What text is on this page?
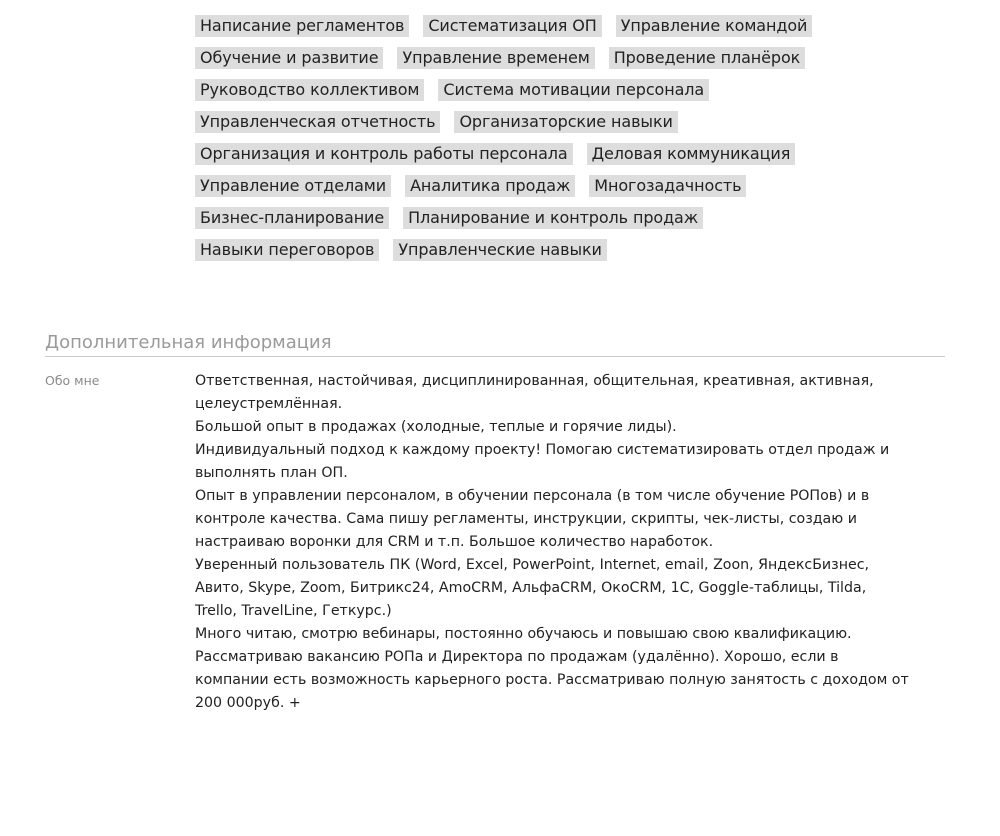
Написание регламентов	Систематизация ОП	Управление командой
Обучение и развитие	Управление временем	Проведение планёрок
Руководство коллективом	Система мотивации персонала
Управленческая отчетность	Организаторские навыки
Организация и контроль работы персонала	Деловая коммуникация
Управление отделами	Аналитика продаж	Многозадачность
Бизнес-планирование	Планирование и контроль продаж
Навыки переговоров	Управленческие навыки
Дополнительная информация
Обо мне	Ответственная, настойчивая, дисциплинированная, общительная, креативная, активная,
целеустремлённая.
Большой опыт в продажах (холодные, теплые и горячие лиды).
Индивидуальный подход к каждому проекту! Помогаю систематизировать отдел продаж и
выполнять план ОП.
Опыт в управлении персоналом, в обучении персонала (в том числе обучение РОПов) и в
контроле качества. Сама пишу регламенты, инструкции, скрипты, чек-листы, создаю и
настраиваю воронки для CRM и т.п. Большое количество наработок.
Уверенный пользователь ПК (Word, Excel, PowerPoint, Internet, email, Zoon, ЯндексБизнес,
Авито, Skype, Zoom, Битрикс24, AmoCRM, АльфаCRM, ОкоCRM, 1С, Goggle-таблицы, Tilda,
Trello, TravelLine, Геткурс.)
Много читаю, смотрю вебинары, постоянно обучаюсь и повышаю свою квалификацию.
Рассматриваю вакансию РОПа и Директора по продажам (удалённо). Хорошо, если в
компании есть возможность карьерного роста. Рассматриваю полную занятость с доходом от
200 000руб. +
